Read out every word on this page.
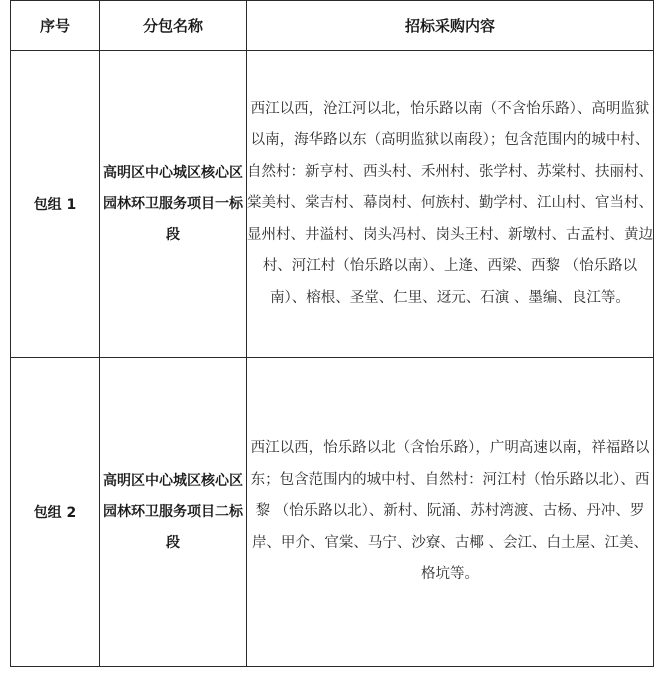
序号	分包名称	招标采购内容
包组 1	高明区中心城区核心区园林环卫服务项目一标段	西江以西，沧江河以北，怡乐路以南（不含怡乐路）、高明监狱以南，海华路以东（高明监狱以南段）；包含范围内的城中村、自然村：新亨村、西头村、禾州村、张学村、苏棠村、扶丽村、棠美村、棠吉村、幕岗村、何族村、勤学村、江山村、官当村、显州村、井溢村、岗头冯村、岗头王村、新墩村、古孟村、黄边村、河江村（怡乐路以南）、上逄、西梁、西黎 （怡乐路以南）、榕根、圣堂、仁里、迓元、石演 、墨编、良江等。
包组 2	高明区中心城区核心区园林环卫服务项目二标段	西江以西，怡乐路以北（含怡乐路），广明高速以南，祥福路以东；包含范围内的城中村、自然村：河江村（怡乐路以北）、西黎 （怡乐路以北）、新村、阮涌、苏村湾渡、古杨、丹冲、罗岸、甲介、官棠、马宁、沙寮、古椰 、会江、白土屋、江美、格坑等。
